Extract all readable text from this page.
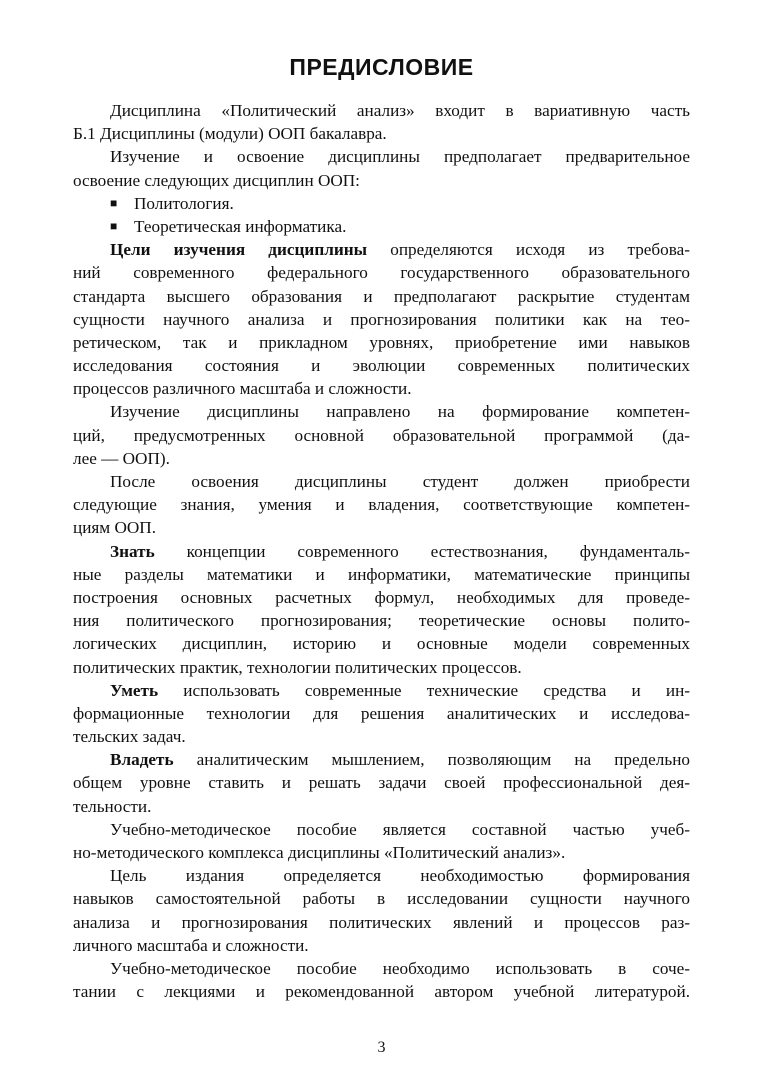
ПРЕДИСЛОВИЕ
Дисциплина «Политический анализ» входит в вариативную часть
Б.1 Дисциплины (модули) ООП бакалавра.
Изучение и освоение дисциплины предполагает предварительное
освоение следующих дисциплин ООП:
■ Политология.
■ Теоретическая информатика.
Цели изучения дисциплины определяются исходя из требова-
ний современного федерального государственного образовательного
стандарта высшего образования и предполагают раскрытие студентам
сущности научного анализа и прогнозирования политики как на тео-
ретическом, так и прикладном уровнях, приобретение ими навыков
исследования состояния и эволюции современных политических
процессов различного масштаба и сложности.
Изучение дисциплины направлено на формирование компетен-
ций, предусмотренных основной образовательной программой (да-
лее — ООП).
После освоения дисциплины студент должен приобрести
следующие знания, умения и владения, соответствующие компетен-
циям ООП.
Знать концепции современного естествознания, фундаменталь-
ные разделы математики и информатики, математические принципы
построения основных расчетных формул, необходимых для проведе-
ния политического прогнозирования; теоретические основы полито-
логических дисциплин, историю и основные модели современных
политических практик, технологии политических процессов.
Уметь использовать современные технические средства и ин-
формационные технологии для решения аналитических и исследова-
тельских задач.
Владеть аналитическим мышлением, позволяющим на предельно
общем уровне ставить и решать задачи своей профессиональной дея-
тельности.
Учебно-методическое пособие является составной частью учеб-
но-методического комплекса дисциплины «Политический анализ».
Цель издания определяется необходимостью формирования
навыков самостоятельной работы в исследовании сущности научного
анализа и прогнозирования политических явлений и процессов раз-
личного масштаба и сложности.
Учебно-методическое пособие необходимо использовать в соче-
тании с лекциями и рекомендованной автором учебной литературой.
3
